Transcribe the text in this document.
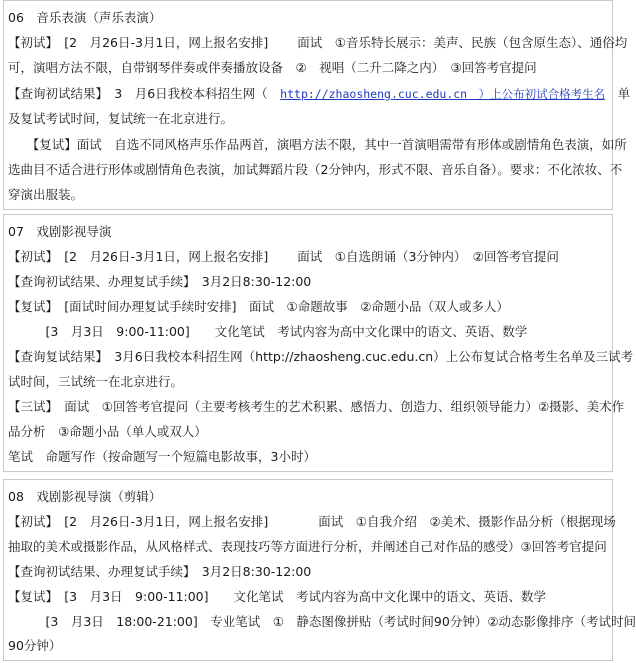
06　音乐表演（声乐表演）
【初试】　[2　月26日-3月1日，网上报名安排]　　 面试　①音乐特长展示：美声、民族（包含原生态）、通俗均
可，演唱方法不限，自带钢琴伴奏或伴奏播放设备　②　视唱（二升二降之内）　③回答考官提问
【查询初试结果】　3　月6日我校本科招生网（　http://zhaosheng.cuc.edu.cn　）上公布初试合格考生名　单
及复试考试时间，复试统一在北京进行。
　　【复试】面试　自选不同风格声乐作品两首，演唱方法不限，其中一首演唱需带有形体或剧情角色表演，如所
选曲目不适合进行形体或剧情角色表演，加试舞蹈片段（2分钟内，形式不限、音乐自备）。要求：不化浓妆、不
穿演出服装。
07　戏剧影视导演
【初试】　[2　月26日-3月1日，网上报名安排]　　 面试　①自选朗诵（3分钟内）　②回答考官提问
【查询初试结果、办理复试手续】　3月2日8:30-12:00
【复试】　[面试时间办理复试手续时安排]　面试　①命题故事　②命题小品（双人或多人）
　　　[3　月3日　9:00-11:00]　　文化笔试　考试内容为高中文化课中的语文、英语、数学
【查询复试结果】　3月6日我校本科招生网（http://zhaosheng.cuc.edu.cn）上公布复试合格考生名单及三试考
试时间，三试统一在北京进行。
【三试】　面试　①回答考官提问（主要考核考生的艺术积累、感悟力、创造力、组织领导能力）②摄影、美术作
品分析　③命题小品（单人或双人）
笔试　命题写作（按命题写一个短篇电影故事，3小时）
08　戏剧影视导演（剪辑）
【初试】　[2　月26日-3月1日，网上报名安排]　　　　面试　①自我介绍　②美术、摄影作品分析（根据现场
抽取的美术或摄影作品，从风格样式、表现技巧等方面进行分析，并阐述自己对作品的感受）③回答考官提问
【查询初试结果、办理复试手续】　3月2日8:30-12:00
【复试】　[3　月3日　9:00-11:00]　　文化笔试　考试内容为高中文化课中的语文、英语、数学
　　　[3　月3日　18:00-21:00]　专业笔试　①　静态图像拼贴（考试时间90分钟）②动态影像排序（考试时间
90分钟）
